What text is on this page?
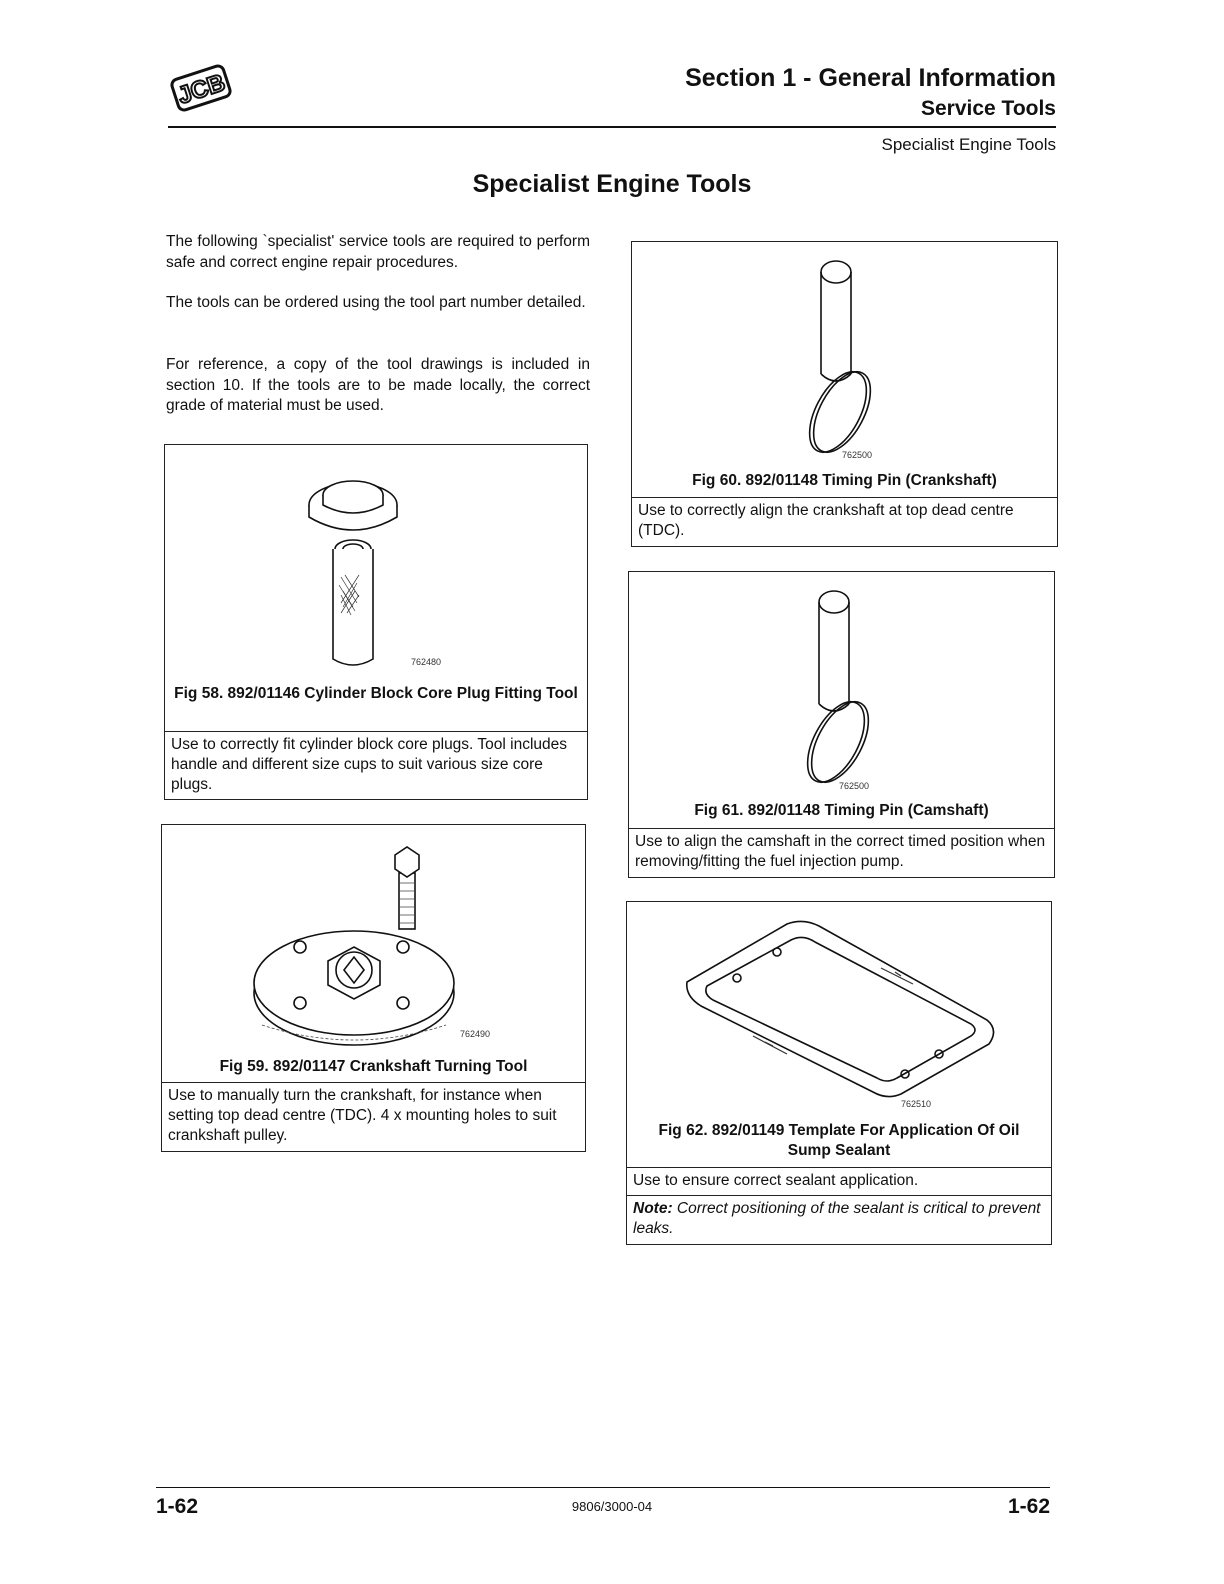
JCB	Section 1 - General Information
Service Tools
Specialist Engine Tools
Specialist Engine Tools
The following `specialist' service tools are required to perform safe and correct engine repair procedures.
The tools can be ordered using the tool part number detailed.
For reference, a copy of the tool drawings is included in section 10. If the tools are to be made locally, the correct grade of material must be used.
762480
Fig 58. 892/01146 Cylinder Block Core Plug Fitting Tool
Use to correctly fit cylinder block core plugs. Tool includes handle and different size cups to suit various size core plugs.
762490
Fig 59. 892/01147 Crankshaft Turning Tool
Use to manually turn the crankshaft, for instance when setting top dead centre (TDC). 4 x mounting holes to suit crankshaft pulley.
762500
Fig 60. 892/01148 Timing Pin (Crankshaft)
Use to correctly align the crankshaft at top dead centre (TDC).
762500
Fig 61. 892/01148 Timing Pin (Camshaft)
Use to align the camshaft in the correct timed position when removing/fitting the fuel injection pump.
762510
Fig 62. 892/01149 Template For Application Of Oil Sump Sealant
Use to ensure correct sealant application.
Note: Correct positioning of the sealant is critical to prevent leaks.
1-62	9806/3000-04	1-62
